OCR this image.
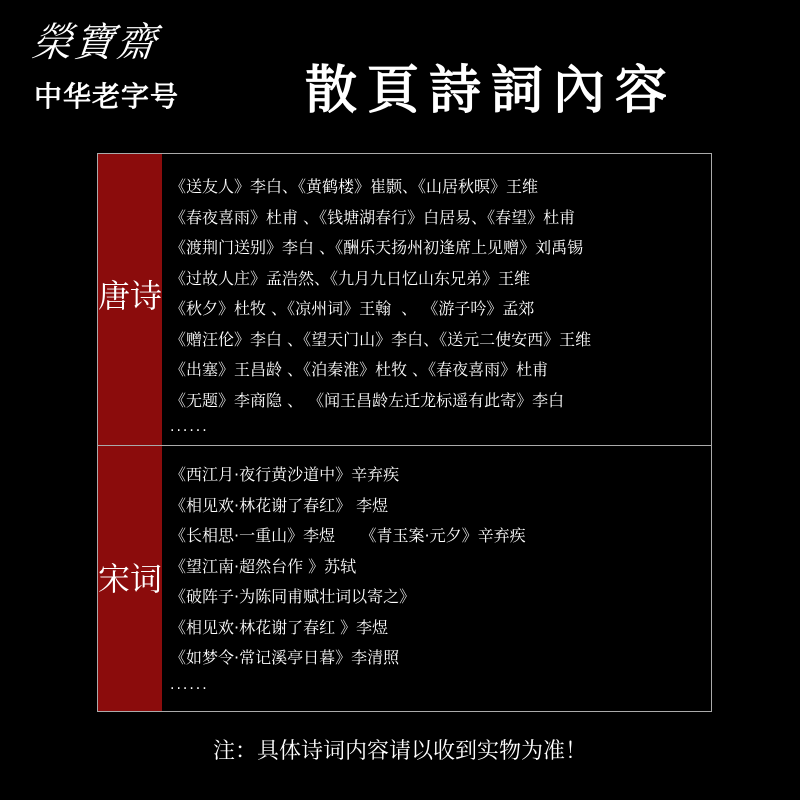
榮寶齋
中华老字号 散頁詩詞內容
唐诗
《送友人》李白、《黄鹤楼》崔颢、《山居秋暝》王维
《春夜喜雨》杜甫 、《钱塘湖春行》白居易、《春望》杜甫
《渡荆门送别》李白 、《酬乐天扬州初逢席上见赠》刘禹锡
《过故人庄》孟浩然、《九月九日忆山东兄弟》王维
《秋夕》杜牧 、《凉州词》王翰  、 《游子吟》孟郊
《赠汪伦》李白 、《望天门山》李白、《送元二使安西》王维
《出塞》王昌龄 、《泊秦淮》杜牧 、《春夜喜雨》杜甫
《无题》李商隐 、 《闻王昌龄左迁龙标遥有此寄》李白
······
宋词
《西江月·夜行黄沙道中》辛弃疾
《相见欢·林花谢了春红》 李煜
《长相思·一重山》李煜     《青玉案·元夕》辛弃疾
《望江南·超然台作 》苏轼
《破阵子·为陈同甫赋壮词以寄之》
《相见欢·林花谢了春红 》李煜
《如梦令·常记溪亭日暮》李清照
······
注：具体诗词内容请以收到实物为准！
